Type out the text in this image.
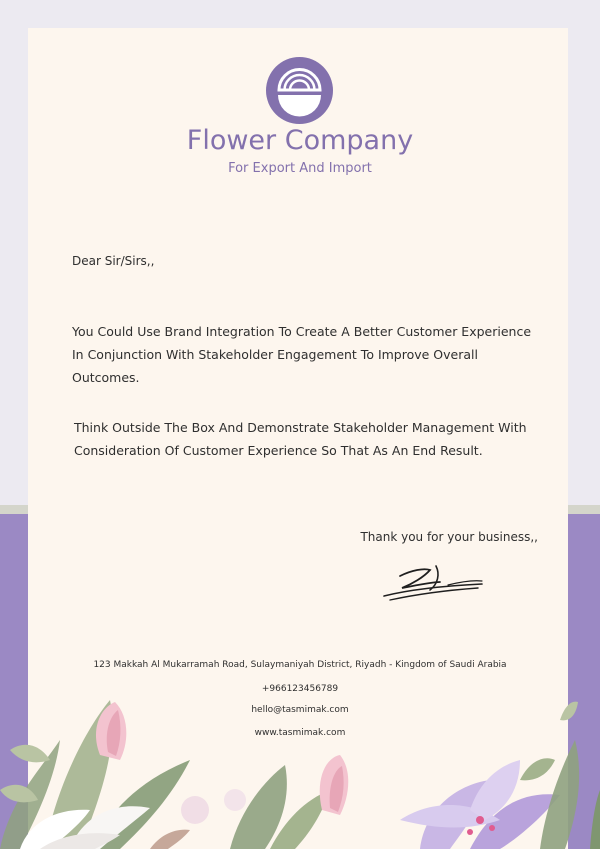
Flower Company
For Export And Import
Dear Sir/Sirs,,
You Could Use Brand Integration To Create A Better Customer Experience In Conjunction With Stakeholder Engagement To Improve Overall Outcomes.
Think Outside The Box And Demonstrate Stakeholder Management With Consideration Of Customer Experience So That As An End Result.
Thank you for your business,,
123 Makkah Al Mukarramah Road, Sulaymaniyah District, Riyadh - Kingdom of Saudi Arabia
+966123456789
hello@tasmimak.com
www.tasmimak.com
